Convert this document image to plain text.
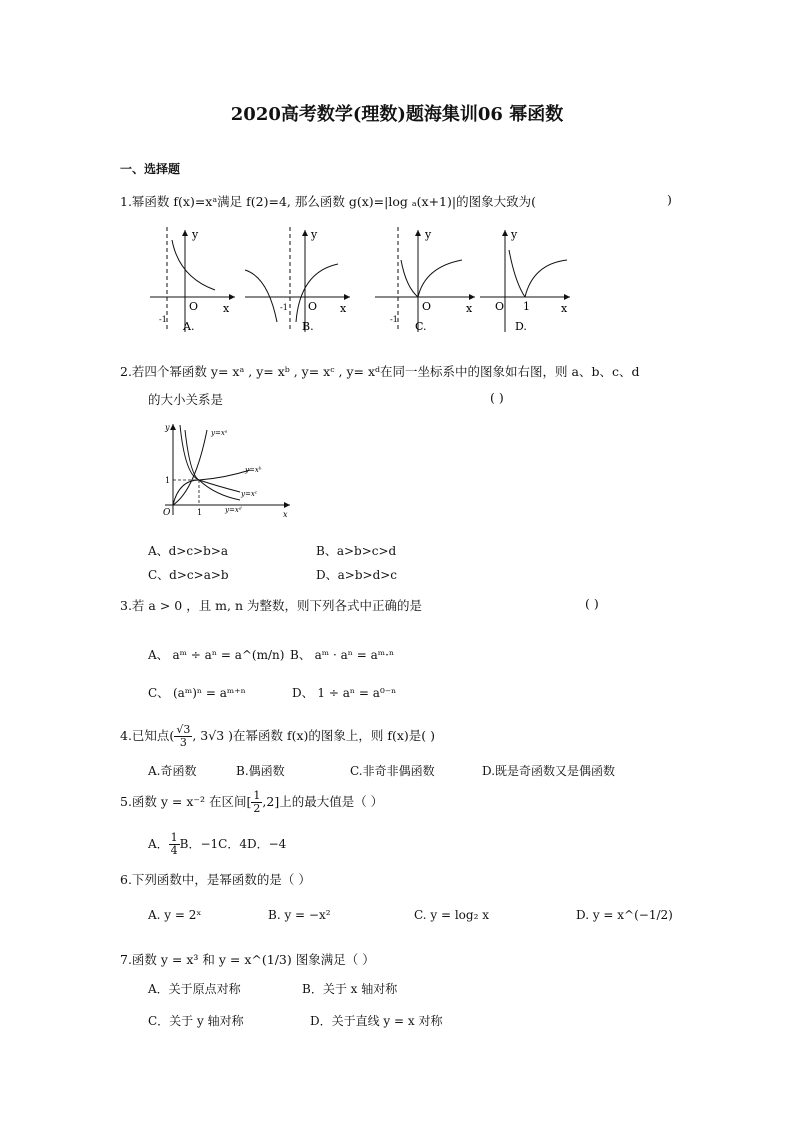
2020高考数学(理数)题海集训06 幂函数
一、选择题
1.幂函数 f(x)=xᵃ满足 f(2)=4, 那么函数 g(x)=|log ₐ(x+1)|的图象大致为(	)
y
x
O
-1
A.
y
x
O
-1
B.
y
x
O
-1
C.
y
x
O 1
D.
2.若四个幂函数 y= xᵃ , y= xᵇ , y= xᶜ , y= xᵈ在同一坐标系中的图象如右图，则 a、b、c、d
的大小关系是	( )
y
x
O	1
1
y=xᵃ
y=xᵇ
y=xᶜ
y=xᵈ
A、d>c>b>a	B、a>b>c>d
C、d>c>a>b	D、a>b>d>c
3.若 a > 0 ，且 m, n 为整数，则下列各式中正确的是	( )
A、 aᵐ ÷ aⁿ = a^(m/n) B、 aᵐ · aⁿ = aᵐ·ⁿ
C、 (aᵐ)ⁿ = aᵐ⁺ⁿ	D、 1 ÷ aⁿ = a⁰⁻ⁿ
4.已知点( $\frac{√3}{3}$ , 3√3 )在幂函数 f(x)的图象上，则 f(x)是( )
A.奇函数	B.偶函数	C.非奇非偶函数	D.既是奇函数又是偶函数
5.函数 y = x⁻² 在区间[ $\frac{1}{2} ,2$]上的最大值是（ ）
A． $\frac{1}{4}$ B．−1C．4D．−4
6.下列函数中，是幂函数的是（ ）
A. y = 2ˣ	B. y = −x²	C. y = log₂ x	D. y = x^(−1/2)
7.函数 y = x³ 和 y = x^(1/3) 图象满足（ ）
A．关于原点对称	B．关于 x 轴对称
C．关于 y 轴对称	D．关于直线 y = x 对称
